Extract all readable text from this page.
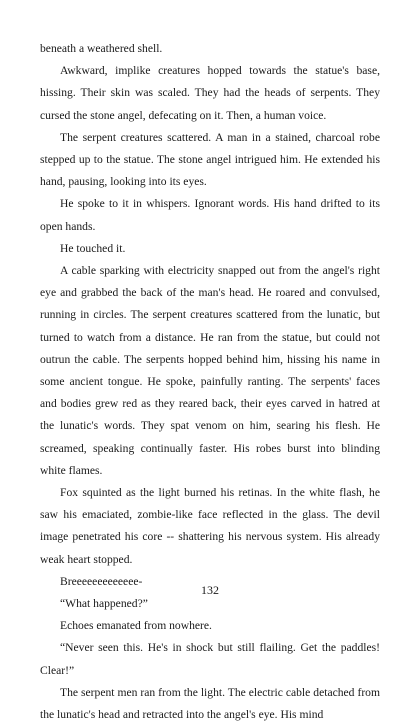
beneath a weathered shell.

Awkward, implike creatures hopped towards the statue's base, hissing. Their skin was scaled. They had the heads of serpents. They cursed the stone angel, defecating on it. Then, a human voice.

The serpent creatures scattered. A man in a stained, charcoal robe stepped up to the statue. The stone angel intrigued him. He extended his hand, pausing, looking into its eyes.

He spoke to it in whispers. Ignorant words. His hand drifted to its open hands.

He touched it.

A cable sparking with electricity snapped out from the angel's right eye and grabbed the back of the man's head. He roared and convulsed, running in circles. The serpent creatures scattered from the lunatic, but turned to watch from a distance. He ran from the statue, but could not outrun the cable. The serpents hopped behind him, hissing his name in some ancient tongue. He spoke, painfully ranting. The serpents' faces and bodies grew red as they reared back, their eyes carved in hatred at the lunatic's words. They spat venom on him, searing his flesh. He screamed, speaking continually faster. His robes burst into blinding white flames.

Fox squinted as the light burned his retinas. In the white flash, he saw his emaciated, zombie-like face reflected in the glass. The devil image penetrated his core -- shattering his nervous system. His already weak heart stopped.

Breeeeeeeeeeeee-

“What happened?”

Echoes emanated from nowhere.

“Never seen this. He's in shock but still flailing. Get the paddles! Clear!”

The serpent men ran from the light. The electric cable detached from the lunatic's head and retracted into the angel's eye. His mind

132
